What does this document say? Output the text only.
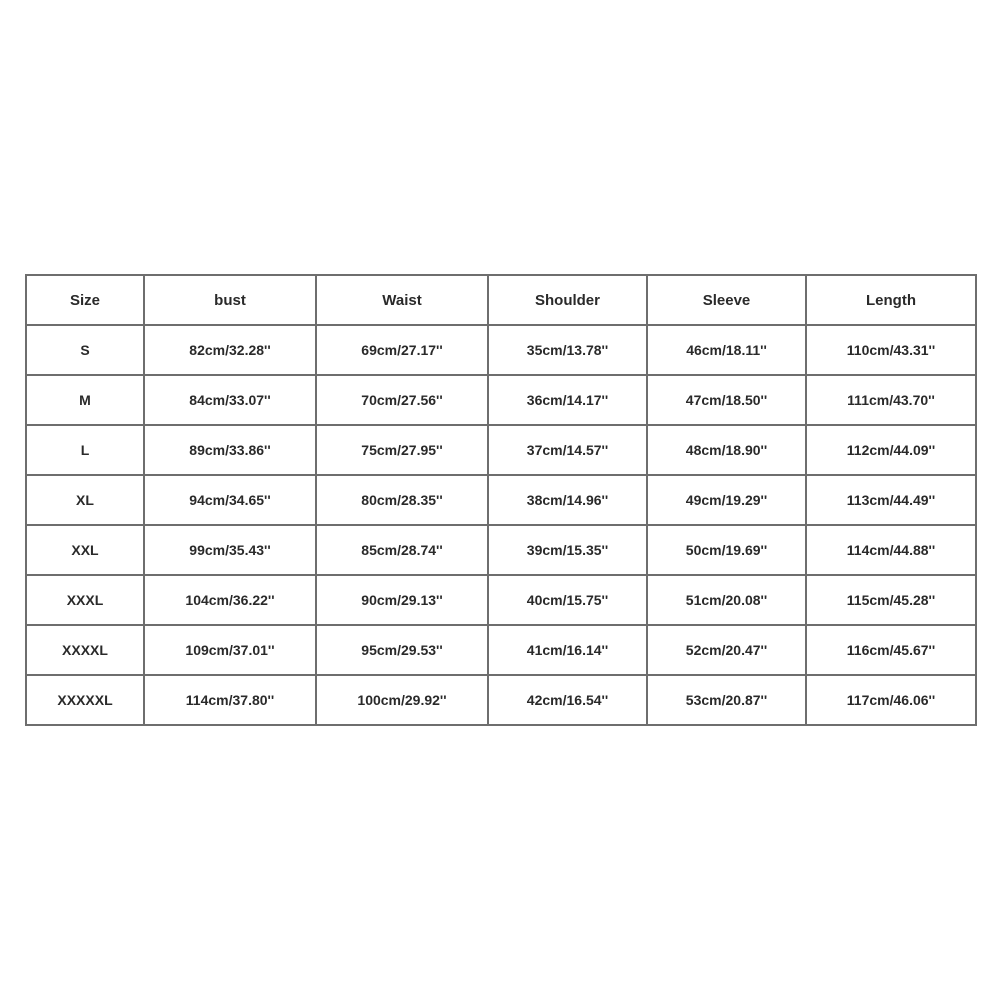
Size	bust	Waist	Shoulder	Sleeve	Length
S	82cm/32.28''	69cm/27.17''	35cm/13.78''	46cm/18.11''	110cm/43.31''
M	84cm/33.07''	70cm/27.56''	36cm/14.17''	47cm/18.50''	111cm/43.70''
L	89cm/33.86''	75cm/27.95''	37cm/14.57''	48cm/18.90''	112cm/44.09''
XL	94cm/34.65''	80cm/28.35''	38cm/14.96''	49cm/19.29''	113cm/44.49''
XXL	99cm/35.43''	85cm/28.74''	39cm/15.35''	50cm/19.69''	114cm/44.88''
XXXL	104cm/36.22''	90cm/29.13''	40cm/15.75''	51cm/20.08''	115cm/45.28''
XXXXL	109cm/37.01''	95cm/29.53''	41cm/16.14''	52cm/20.47''	116cm/45.67''
XXXXXL	114cm/37.80''	100cm/29.92''	42cm/16.54''	53cm/20.87''	117cm/46.06''
